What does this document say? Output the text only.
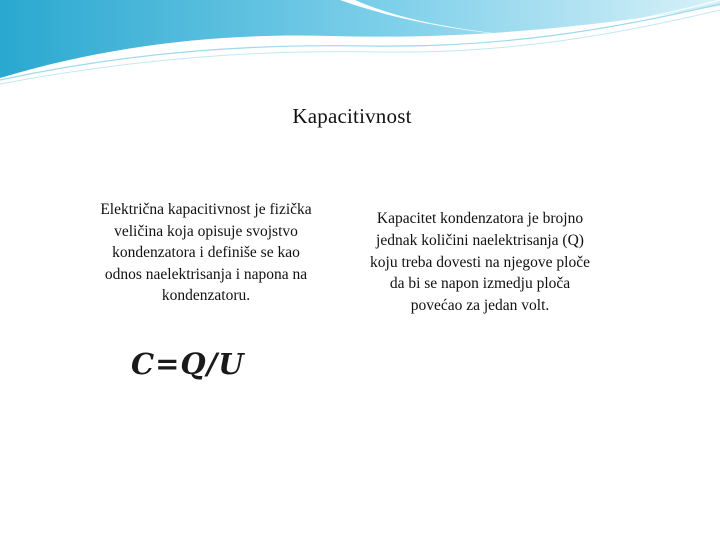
Kapacitivnost
Električna kapacitivnost je fizička veličina koja opisuje svojstvo kondenzatora i definiše se kao odnos naelektrisanja i napona na kondenzatoru.
C=Q/U
Kapacitet kondenzatora je brojno jednak količini naelektrisanja (Q) koju treba dovesti na njegove ploče da bi se napon izmedju ploča povećao za jedan volt.
